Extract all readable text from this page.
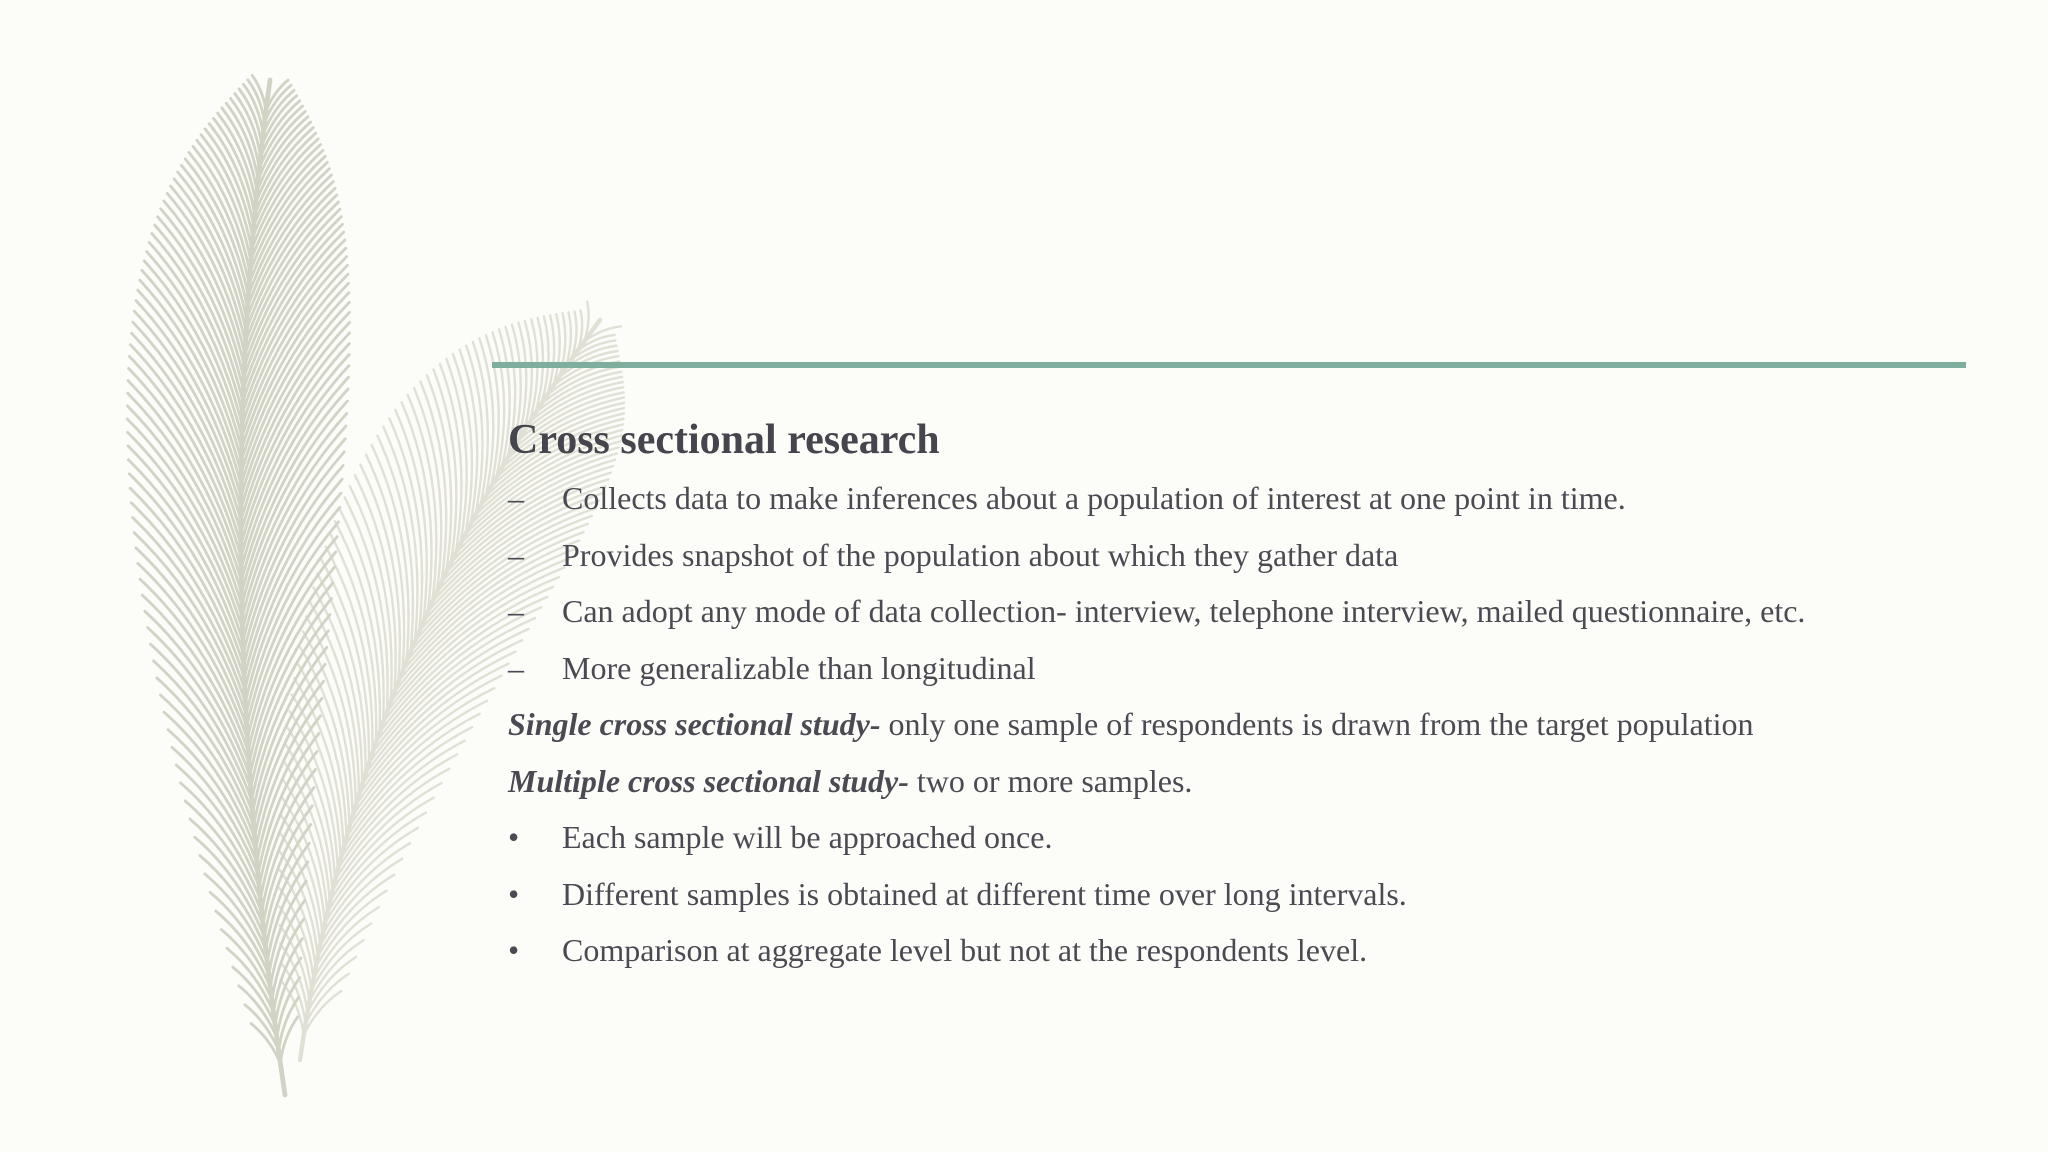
Cross sectional research
–	Collects data to make inferences about a population of interest at one point in time.
–	Provides snapshot of the population about which they gather data
–	Can adopt any mode of data collection- interview, telephone interview, mailed questionnaire, etc.
–	More generalizable than longitudinal
Single cross sectional study- only one sample of respondents is drawn from the target population
Multiple cross sectional study- two or more samples.
•	Each sample will be approached once.
•	Different samples is obtained at different time over long intervals.
•	Comparison at aggregate level but not at the respondents level.
